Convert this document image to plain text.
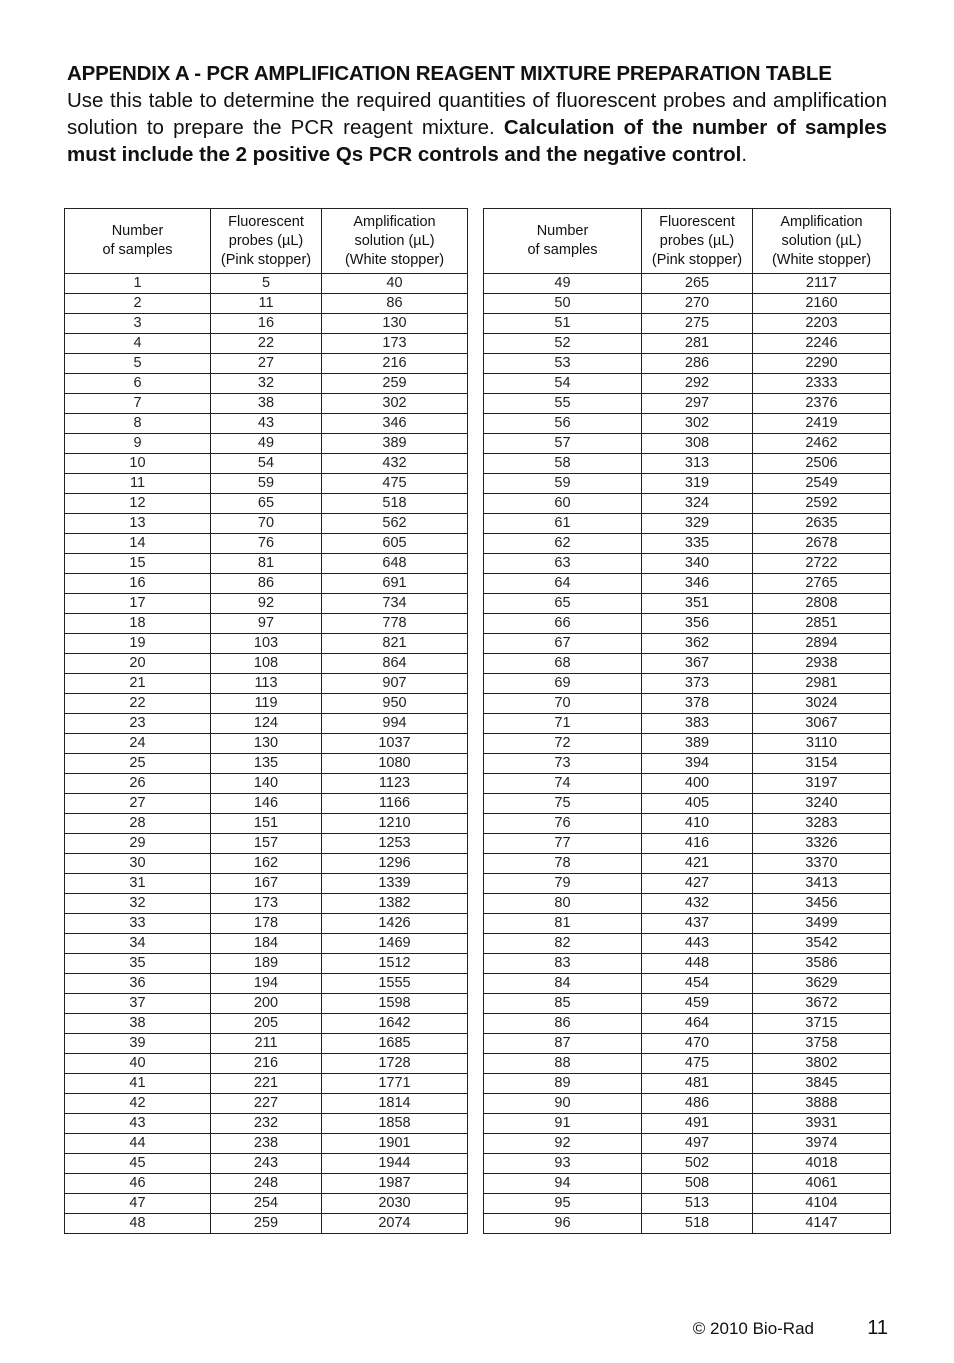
APPENDIX A - PCR AMPLIFICATION REAGENT MIXTURE PREPARATION TABLE

Use this table to determine the required quantities of fluorescent probes and amplification solution to prepare the PCR reagent mixture. Calculation of the number of samples must include the 2 positive Qs PCR controls and the negative control.

Number
of samples	Fluorescent
probes (µL)
(Pink stopper)	Amplification
solution (µL)
(White stopper)
1	5	40
2	11	86
3	16	130
4	22	173
5	27	216
6	32	259
7	38	302
8	43	346
9	49	389
10	54	432
11	59	475
12	65	518
13	70	562
14	76	605
15	81	648
16	86	691
17	92	734
18	97	778
19	103	821
20	108	864
21	113	907
22	119	950
23	124	994
24	130	1037
25	135	1080
26	140	1123
27	146	1166
28	151	1210
29	157	1253
30	162	1296
31	167	1339
32	173	1382
33	178	1426
34	184	1469
35	189	1512
36	194	1555
37	200	1598
38	205	1642
39	211	1685
40	216	1728
41	221	1771
42	227	1814
43	232	1858
44	238	1901
45	243	1944
46	248	1987
47	254	2030
48	259	2074
Number
of samples	Fluorescent
probes (µL)
(Pink stopper)	Amplification
solution (µL)
(White stopper)
49	265	2117
50	270	2160
51	275	2203
52	281	2246
53	286	2290
54	292	2333
55	297	2376
56	302	2419
57	308	2462
58	313	2506
59	319	2549
60	324	2592
61	329	2635
62	335	2678
63	340	2722
64	346	2765
65	351	2808
66	356	2851
67	362	2894
68	367	2938
69	373	2981
70	378	3024
71	383	3067
72	389	3110
73	394	3154
74	400	3197
75	405	3240
76	410	3283
77	416	3326
78	421	3370
79	427	3413
80	432	3456
81	437	3499
82	443	3542
83	448	3586
84	454	3629
85	459	3672
86	464	3715
87	470	3758
88	475	3802
89	481	3845
90	486	3888
91	491	3931
92	497	3974
93	502	4018
94	508	4061
95	513	4104
96	518	4147
© 2010 Bio-Rad	11
